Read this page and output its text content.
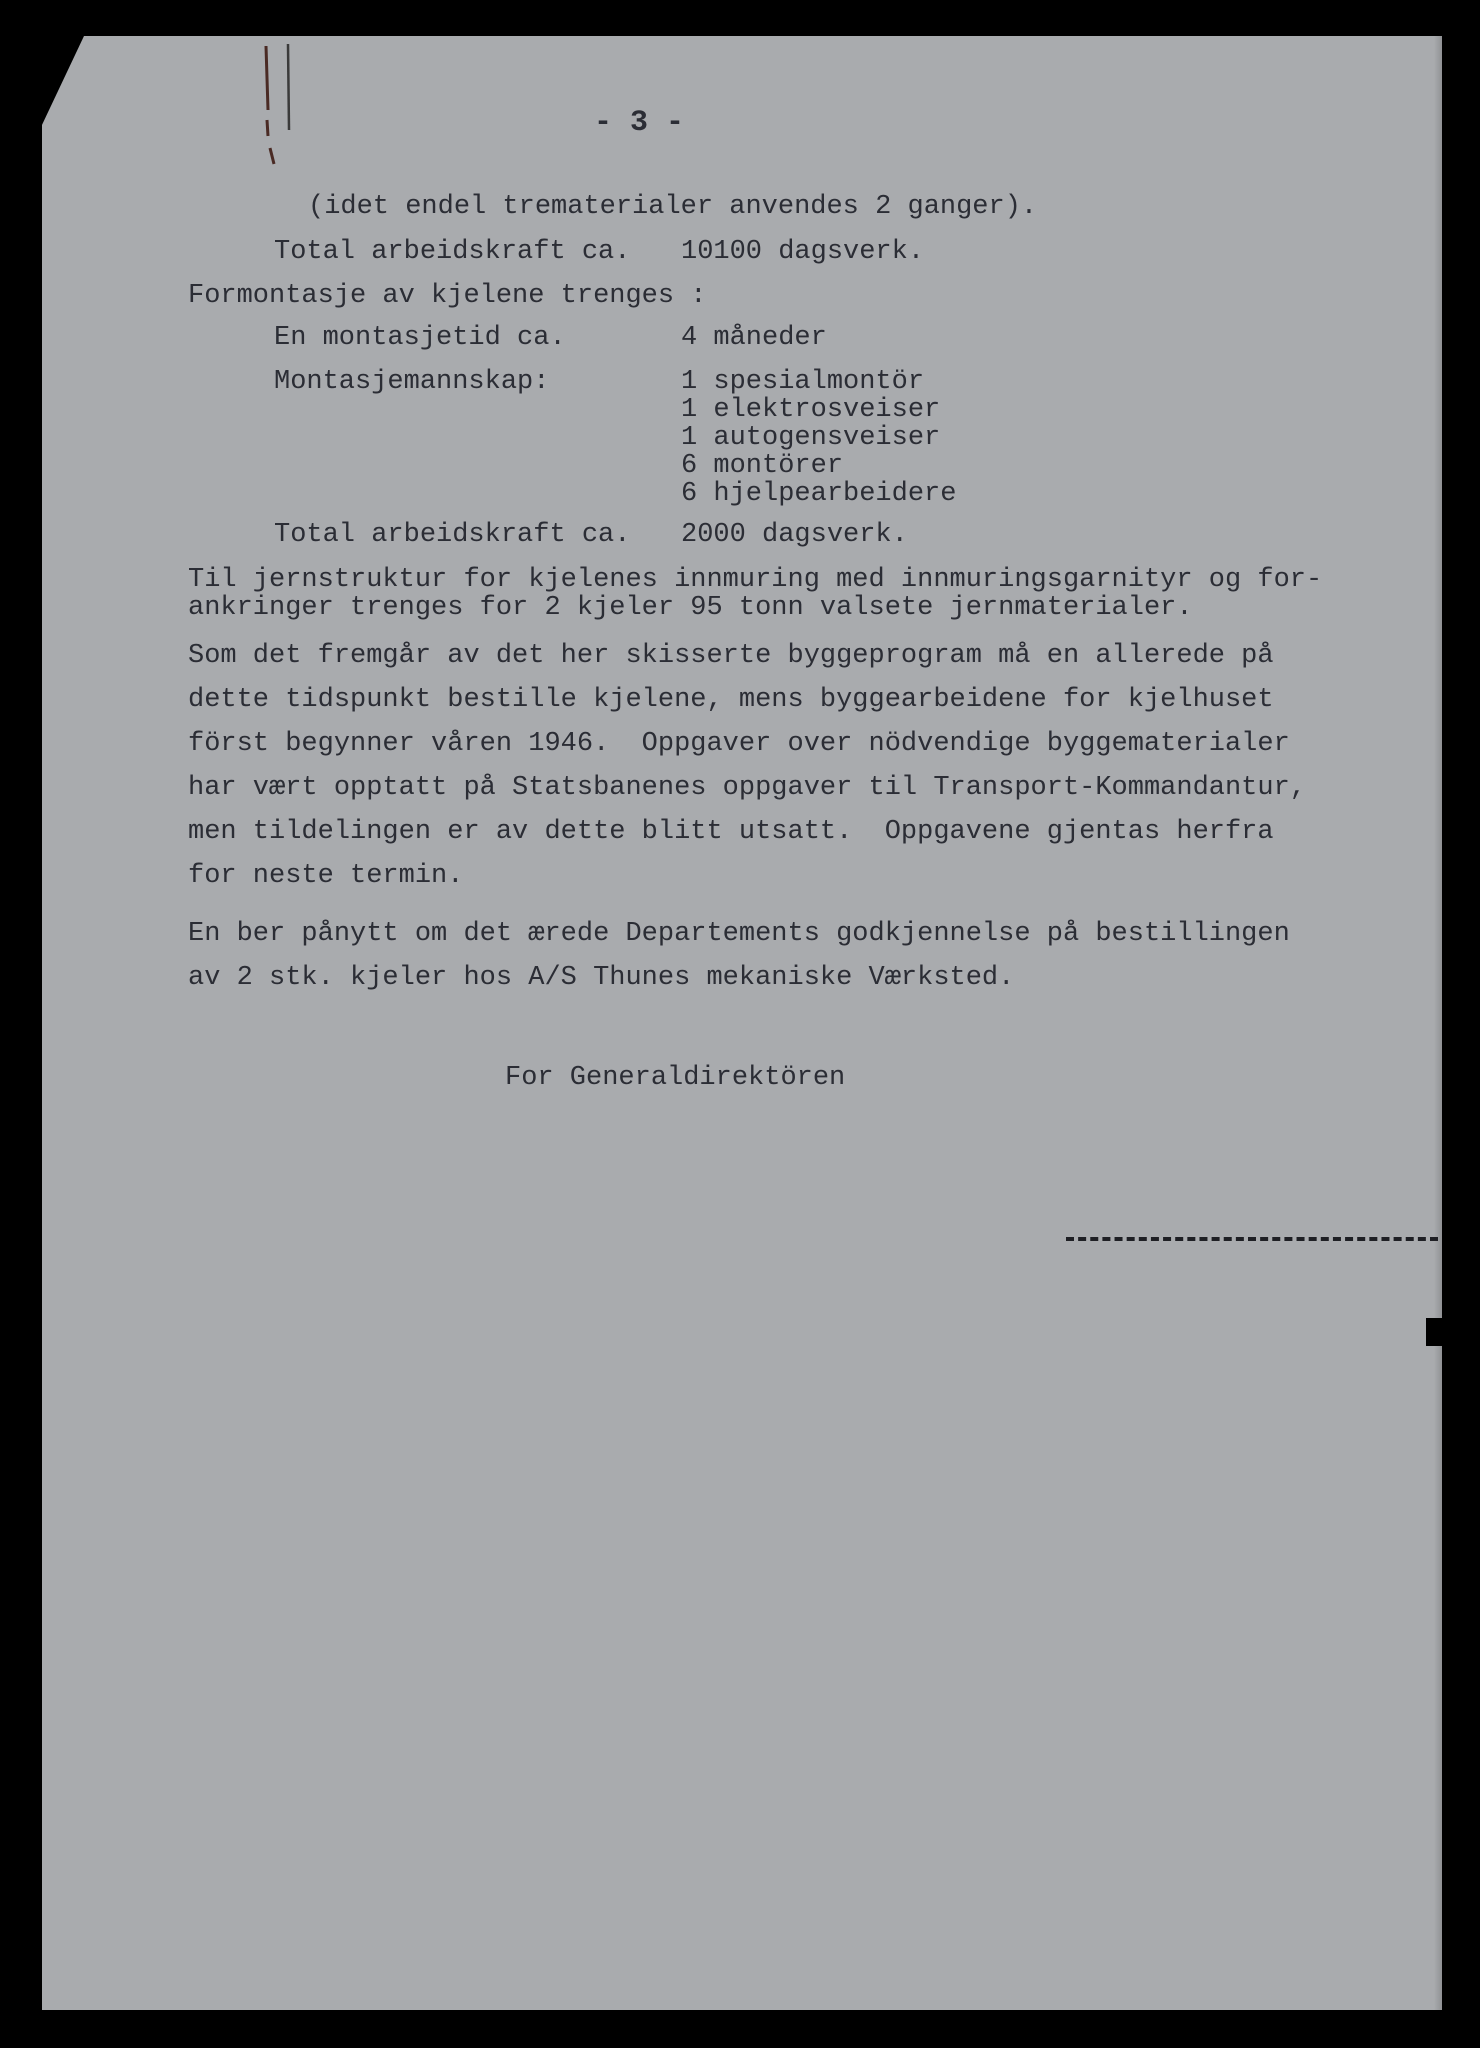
- 3 -
(idet endel trematerialer anvendes 2 ganger).
Total arbeidskraft ca. 10100 dagsverk.
Formontasje av kjelene trenges :
En montasjetid ca.	4 måneder
Montasjemannskap:	1 spesialmontör
1 elektrosveiser
1 autogensveiser
6 montörer
6 hjelpearbeidere
Total arbeidskraft ca. 2000 dagsverk.
Til jernstruktur for kjelenes innmuring med innmuringsgarnityr og for-
ankringer trenges for 2 kjeler 95 tonn valsete jernmaterialer.
Som det fremgår av det her skisserte byggeprogram må en allerede på
dette tidspunkt bestille kjelene, mens byggearbeidene for kjelhuset
först begynner våren 1946.  Oppgaver over nödvendige byggematerialer
har vært opptatt på Statsbanenes oppgaver til Transport-Kommandantur,
men tildelingen er av dette blitt utsatt.  Oppgavene gjentas herfra
for neste termin.
En ber pånytt om det ærede Departements godkjennelse på bestillingen
av 2 stk. kjeler hos A/S Thunes mekaniske Værksted.
For Generaldirektören
